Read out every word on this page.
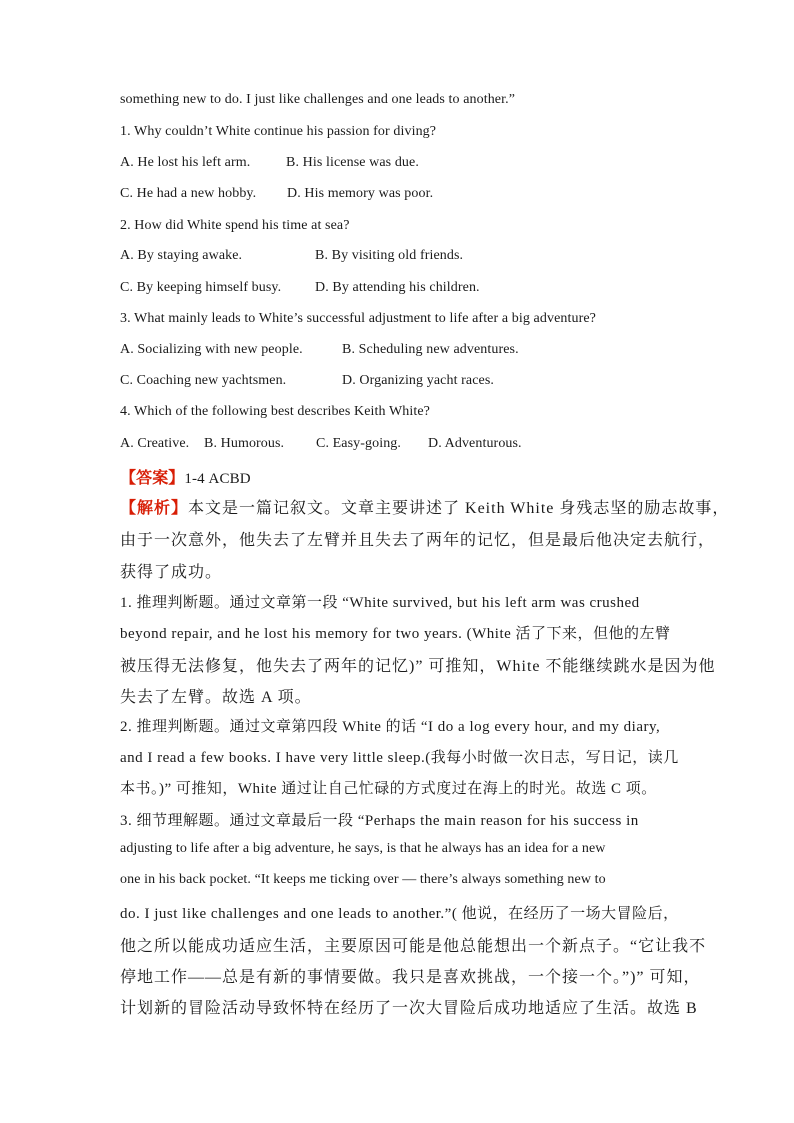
something new to do. I just like challenges and one leads to another.”
1. Why couldn’t White continue his passion for diving?
A. He lost his left arm.	B. His license was due.
C. He had a new hobby. D. His memory was poor.
2. How did White spend his time at sea?
A. By staying awake.	B. By visiting old friends.
C. By keeping himself busy. D. By attending his children.
3. What mainly leads to White’s successful adjustment to life after a big adventure?
A. Socializing with new people.	B. Scheduling new adventures.
C. Coaching new yachtsmen.	D. Organizing yacht races.
4. Which of the following best describes Keith White?
A. Creative. B. Humorous. C. Easy-going. D. Adventurous.
【答案】1-4 ACBD
【解析】本文是一篇记叙文。文章主要讲述了 Keith White 身残志坚的励志故事，
由于一次意外，他失去了左臂并且失去了两年的记忆，但是最后他决定去航行，
获得了成功。
1. 推理判断题。通过文章第一段 “White survived, but his left arm was crushed
beyond repair, and he lost his memory for two years. (White 活了下来，但他的左臂
被压得无法修复，他失去了两年的记忆)” 可推知，White 不能继续跳水是因为他
失去了左臂。故选 A 项。
2. 推理判断题。通过文章第四段 White 的话 “I do a log every hour, and my diary,
and I read a few books. I have very little sleep.(我每小时做一次日志，写日记，读几
本书。)” 可推知，White 通过让自己忙碌的方式度过在海上的时光。故选 C 项。
3. 细节理解题。通过文章最后一段 “Perhaps the main reason for his success in
adjusting to life after a big adventure, he says, is that he always has an idea for a new
one in his back pocket. “It keeps me ticking over — there’s always something new to
do. I just like challenges and one leads to another.”( 他说，在经历了一场大冒险后，
他之所以能成功适应生活，主要原因可能是他总能想出一个新点子。“它让我不
停地工作——总是有新的事情要做。我只是喜欢挑战，一个接一个。”)” 可知，
计划新的冒险活动导致怀特在经历了一次大冒险后成功地适应了生活。故选 B
